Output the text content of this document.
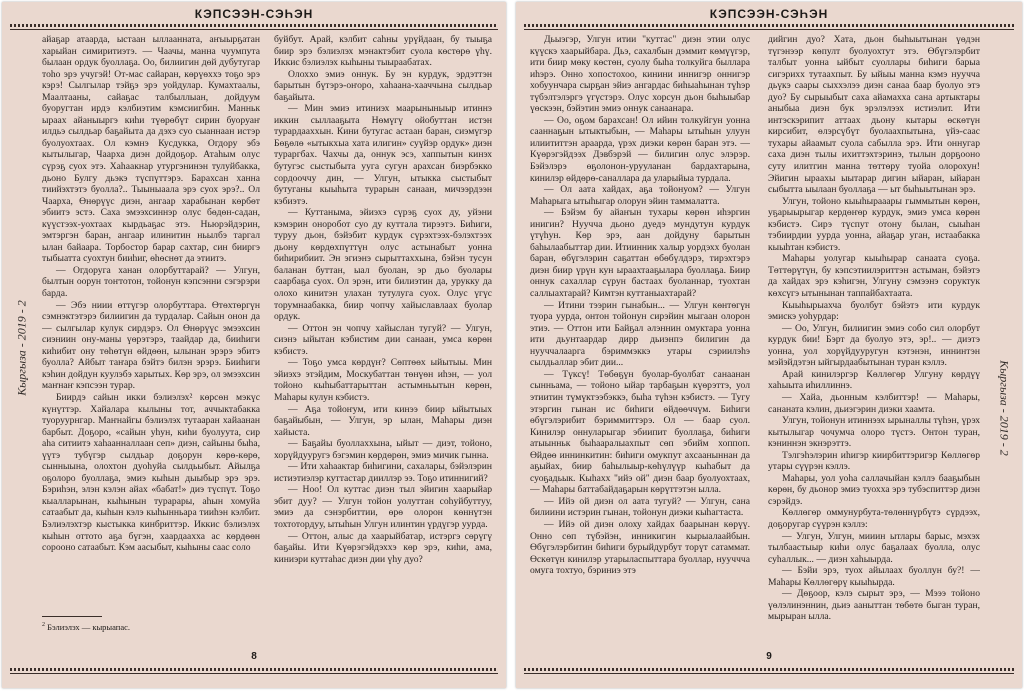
КЭПСЭЭН-СЭҺЭН
Кыргыза - 2019 - 2

айаҕар атаарда, ыстаан ыллаанната, аҥыырҕатан харыйан симиритиэтэ. — Чаачы, манна чуумпута былаан ордук буоллаҕа. Оо, билиигин дөй дубутугар тоһо эрэ учугэй! От-мас сайаран, көрүөххэ тоҕо эрэ кэрэ! Сылгылар тэйҕэ эрэ уойдулар. Кумахтаалы, Маалтааны, сайаҕас талбыллыан, дойдуум буоругтан ирдэ кэлбиэтим кэмсиигбин. Манньк ыраах айаныыргэ киһи түөрөбүт сирин буоруаҥ илдьэ сылдьар баҕайыта да дэхэ суо сыаннаан истэр буолуохтаах. Ол кэмнэ Кусдукка, Огдору эбэ кытылыгар, Чаарха диэн дойдоҕор. Атаһым олус сүрэҕ суох этэ. Хаһаакнар утургэнинэн тулуйбакка, дьоно Булгу дьэкэ түспүттэрэ. Барахсан ханна тиийэхтэтэ буолла?.. Тыыныаала эрэ суох эрэ?.. Ол Чаарха, Өнөрүүс диэн, ангаар харабынан көрбөт эбиитэ эстэ. Саха эмээхсиннэр олус бөдөн-садан, күүстээх-уохтаах кырдьаҕас этэ. Ньюрэйдэрин, эмтэргэн баран, ангаар илинитин ньылбэ таргал ылан байаара. Торбостор барар сахтар, син бииргэ тыбыатта суохтун бииһиг, өһөснөт да этиитэ.

— Огдоруга ханан олорбуттарай? — Улгун, былтын оорун тоҥтотон, тойонун кэпсэнни сэгэрэри барда.

— Эбэ ниии өттүгэр олорбуттара. Өтөхтөргүн сэмнэктэтэрэ билиигин да турдалар. Сайын онон да — сылгылар кулук сирдэрэ. Ол Өнөрүүс эмээхсин сиэниин ону-маны үөрэтэрэ, таайдар да, бииһиги киһибит ону төһөтүн өйдөөн, ылынан эрэрэ эбитэ буолла? Айбыт таҥара бэйтэ билэн эрэрэ. Бииһиги кэһин дойдун куулэбэ харытых. Көр эрэ, ол эмээхсин маҥнаҥ кэпсээн турар.

Биирдэ сайын икки бэлиэлэх² көрсөн мэкүс күнүттэр. Хайалара кылыны тот, аччыктабакка туоруурнгар. Маҥнайгы бэлиэлэх тутааран хайаанан барбыт. Доҕоро, «сайын уһун, киһи буолуута, сир аһа ситиитэ хаһаанналлаан сеп» диэн, сайыны быһа, үүтэ тубүгэр сылдьар доҕорун көрө-көрө, сынныына, олохтон дуоһуйа сылдьыбыт. Айылҕа оҕолоро буоллаҕа, эмиэ кыһын дыыбыр эрэ эрэ. Бэриһэн, элэн кэлэн айах «бабат!» диэ түспүт. Тоҕо кыалларынан, кыһынын турарары, аһын хомуйа сатаабыт да, кыһын кэлэ кыһынньара тииһэн кэлбит. Бэлиэлэхтэр кыстыкка кинбриттэр. Иккис бэлиэлэх кыһын оттото аҕа бүгэн, хаардаахха ас көрдөөн сорооно сатаабыт. Кэм аасыбыт, кыһыны саас соло

буйбут. Арай, кэлбит саһны урүйдаан, бу тыыҕа биир эрэ бэлиэлэх мэнактэбит суола көстөрө үһү. Иккис бэлиэлэх кыһыны тыыраабатах.

Олоххо эмиэ оннук. Бу эн курдук, эрдэттэн барытын бүтэрэ-оҥоро, хаһаана-хааччына сылдьар баҕайыта.

— Мин эмиэ итиниэх маарыныныыр итиннэ иккин сыллааҕыта Нөмүгү ойобуттан истэн турардааххын. Кини бутугас астаан баран, сиэмүгэр Бөҕөлө «ытыкхыа хата илигин» суүйэр ордук» диэн тураргбах. Чахчы да, оннук эсэ, хаппытын кинэх бутугэс сыстыбыта ууга сугун арахсан биэрбэкко сордооччу дин, — Улгун, ытыкка сыстыбыт бутуганы кыыһыта турарын санаан, мичээрдээн кэбиэтэ.

— Куттаныма, эйиэхэ сүрэҕ суох ду, уйэни кэмэрин оноробот суо ду куттала тирээтэ. Биһиги, туруу дьон, бэйэбит курдук сүрэхтээх-бэлэхтээх дьону көрдөхпүттүн олус астынабыт уонна биһирибиит. Эн эгиэнэ сырыттаххына, бэйэн тусун баланан буттан, ыал буолан, эр дьо буолары саарбаҕа суох. Ол эрэн, ити билиэтин да, урукку да олохо кинитэн улахан тутулуга суох. Олус үгүс торумнаабакка, биир чопчу хайыславлаах буолар ордук.

— Оттон эн чопчу хайыслан тугуй? — Улгун, сиэнэ ыйытан кэбистим дии санаан, умса көрөн кэбистэ.

— Тоҕо умса көрдүҥ? Сөптөөх ыйытыы. Мин эйиэхэ этэйдим, Москубаттан төнүөн иһэн, — уол тойоно кыһыбаттарыттан астымньытын көрөн, Маһары кулун кэбистэ.

— Аҕа тойоҥум, ити кинээ биир ыйытыых баҕайыбын, — Улгун, эр ылан, Маһары диэн хайыста.

— Баҕайы буоллаххына, ыйыт — диэт, тойоно, хорүйдууругэ бэгэмин көрдөрөн, эмиэ мичик гынна.

— Ити хаһаактар биһигини, сахалары, бэйэлэрин истиэтиэлэр куттастар дииллэр ээ. Тоҕо итиннигий?

— Ноо! Ол куттас диэн тыл эйигин хаарыйар эбит дуу? — Улгун тойон уолуттан соһуйбуттуу, эмиэ да сэнэрбиттии, өрө олорон көннүтэн тохтотордуу, ытыһын Улгун илинтин үрдүгэр уурда.

— Оттон, алыс да хаарыйбатар, истэргэ сөрүгү баҕайы. Ити Күөрэгэйдэххэ көр эрэ, киһи, ама, киниэри куттаһас диэн дии үһу дуо?

$^2$ Бэлиэлэх — кырыапас.
8
КЭПСЭЭН-СЭҺЭН
Кыргыза - 2019 - 2

Дьыэгэр, Улгун итии "куттас" диэн этии олус күүскэ хаарыйбара. Дьэ, сахалбын дэммит көмүүгэр, ити биир мөку көстөн, суолу быһа толкуйга быллара иһэрэ. Онно хопостохоо, кинини иннигэр оннигэр хобуунчара сырҕан эйиэ ангардас биһыаһынан түһэр түбэлтэлэргэ үгүстэрэ. Олус хорсун дьон быһыыбар үөскээн, бэйэтин эмиэ оннук санаанара.

— Оо, оҕом барахсан! Ол ийин толкуйгун уонна сааннаҕын ытыктыбын, — Маһары ытыһын улуун илиититтэн араарда, үрэх диэки көрөн баран этэ. — Күөрэгэйдээх Дэвбэрэй — билигин олус элэрэр. Бэйэлэрэ өҕолонон-урууланан бардахтарына, кинилэр өйдөрө-саналлара да уларыйыа турдала.

— Ол аата хайдах, аҕа тойонуом? — Улгун Маһарыга ытыһыгар олорун эйин таммалатта.

— Бэйэм бу айаҥын тухары көрөн иһэргин инигин? Нуучча дьоно дуедэ мундутун курдук үтүһун. Көр эрэ, аан дойдуну барытын баһылаабыттар дии. Итиинник халыр уордэхх буолан баран, өбүгэлэрин саҕаттан өбөбүлдэрэ, тирэхтэрэ диэн биир үрүн кун ыраахтааҕылара буоллаҕа. Биир оннук сахаллар сүрун бастаах буоланнар, туохтан саллыахтарай? Кимтэн куттаныахтарай?

— Итини тээрин гынабын... — Улгун көнтөгүн туора уурда, онтон тойонун сирэйин мыгаан олорон этиэ. — Оттон ити Байҕал әлэннин омуктара уонна ити дьунтаардар дирр дьиэнпэ билигин да нууччалаарга бэриммэккэ утары сэриилэһэ сылдьаллар эбит дии...

— Түксү! Төбөҕүн буолар-буолбат санаанан сынньама, — тойоно ыйар тарбаҕын күөрэттэ, уол этиитин түмүктээбэккэ, быһа түһэн кэбистэ. — Тугу этэргин гынан ис биһиги өйдөөччүм. Биһиги өбүгэлэрибит бэриммиттэрэ. Ол — баар суол. Кинилэр оннуларыгар эбиипит буоллаҕа, биһиги атыынньк быһааралыахпыт сөп эбийм хоппоп. Өйдөө иннинкитин: биһиги омукпут ахсааныннан да аҕыйах, биир баһылыыр-көһүлүүр кыһабыт да суоҕадьык. Кыһахх "ийэ ой" диэн баар буолуохтаах, — Маһары баттабайдаҕарын көрүттэтэн ылла.

— Ийэ ой диэн ол аата тугуй? — Улгун, сана билиини истэрин гынан, тойонун диэки кыһагтаста.

— Ийэ ой диэн олоху хайдах баарынан көрүү. Онно сөп түбэйэн, инникигин кырыалаайбын. Өбүгэлэрбитин биһиги бурыйдурбут торүт сатаммат. Өскөтүн кинилэр утарыласпыттара буоллар, нууччча омуга тохтуо, бэриниэ этэ

дийгин дуо? Хата, дьон быһыытынан үөдэн түгэнээр көпулт буолуохтут этэ. Өбүгэлэрбит талбыт уонна ыйбыт суоллары биһиги барыа сигэрихх тутаахпыт. Бу ыйыы манна кэмэ нуучча дьүкэ саары сыххэлээ диэн санаа баар буолуо этэ дуо? Бу сырыыбыт саха айамахха сана артыктары аныбыа диэн бук эрэлэлээх истиэлит. Ити интэскэрипит аттаах дьону кытары өскөтүн кирсибит, өлэрсүбүт буолаахпытына, үйэ-саас тухары айаамыт суола сабылла эрэ. Ити оннугар саха диэн тылы ихиттэхтэринэ, тылын дорҕооно суту илитгин манна төттөру туойа олорохун! Эйигин ыраахы ыытарар дигин ыйаран, ыйаран сыбытта ыылаан буоллаҕа — ыт быһыытынан эрэ.

Улгун, тойоно кыыһырааары гыммытын көрөн, уҕарыырыгар кердөҥөр курдук, эмиэ умса көрөн кэбистэ. Сирэ түспут отону былан, сыыһан тэбиирдии уурда уонна, айаҕар уган, истаабакка кыыһтан кэбистэ.

Маһары уолугар кыыһырар санаата суоҕа. Төттөрүтүн, бу кэпсэтиилэриттэн астыман, бэйэтэ да хайдах эрэ кэһигэн, Улгуну сэмээнэ соруктук көхсүгэ ытынынан таппайбахтаата.

Кыыһырыахча буолбут бэйэтэ ити курдук эмискэ уоһурдар:

— Оо, Улгун, билиигин эмиэ собо сил олорбут курдук бии! Бэрт да буолуо этэ, эр!.. — диэтэ уонна, уол хорүйдууругун кэтэнэн, иннинтэн мэйэйдэтэн ыйгырдаабытынан туран кэллэ.

Арай кинилэргэр Көллөгөр Улгуну көрдүү хаһыыта иһиллиннэ.

— Хайа, дьонным кэлбиттэр! — Маһары, сананата кэлин, дьиэгэрин диэки хаамта.

Улгун, тойонун итиннээх ырыналлы түһэн, үрэх кытылыгар чочумча олоро түстэ. Онтон туран, кэниннэн экнэрэттэ.

Тэлгэһэлэрин иһигэр киирбиттэригэр Көллөгөр утары сүүрэн кэллэ.

Маһары, уол уоһа саллачыйан кэллэ бааҕыбын көрөн, бу дьонор эмиэ туохха эрэ тубэспиттэр диэн сэрэйдэ.

Көллөгөр оммунурбута-төлөннүрбүтэ сүрдээх, доҕоругар сүүрэн кэллэ:

— Улгун, Улгун, мииин ытлары барыс, мэхэх тылбаастыыр киһи олус баҕалаах буолла, олус суһаллык... — диэн хаһыырда.

— Бэйи эрэ, туох айылаах буоллун бу?! — Маһары Көллөгөрү кыыһырда.

— Дөҕоор, кэлэ сырыт эрэ, — Мэээ тойоно үөлэлинэннин, дьиэ ааныттан төбөтө быган туран, мырыран ылла.

9
